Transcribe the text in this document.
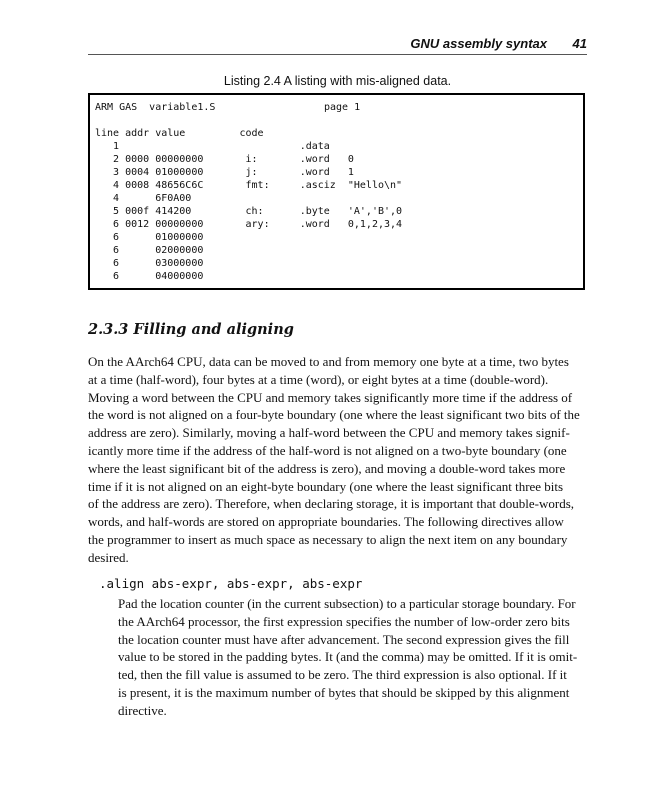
GNU assembly syntax 41
Listing 2.4 A listing with mis-aligned data.
ARM GAS  variable1.S	page 1
line addr value         code
1                              .data
2 0000 00000000       i:       .word   0
3 0004 01000000       j:       .word   1
4 0008 48656C6C       fmt:     .asciz  "Hello\n"
4      6F0A00
5 000f 414200         ch:      .byte   'A','B',0
6 0012 00000000       ary:     .word   0,1,2,3,4
6      01000000
6      02000000
6      03000000
6      04000000
2.3.3 Filling and aligning
On the AArch64 CPU, data can be moved to and from memory one byte at a time, two bytes
at a time (half-word), four bytes at a time (word), or eight bytes at a time (double-word).
Moving a word between the CPU and memory takes significantly more time if the address of
the word is not aligned on a four-byte boundary (one where the least significant two bits of the
address are zero). Similarly, moving a half-word between the CPU and memory takes signif-
icantly more time if the address of the half-word is not aligned on a two-byte boundary (one
where the least significant bit of the address is zero), and moving a double-word takes more
time if it is not aligned on an eight-byte boundary (one where the least significant three bits
of the address are zero). Therefore, when declaring storage, it is important that double-words,
words, and half-words are stored on appropriate boundaries. The following directives allow
the programmer to insert as much space as necessary to align the next item on any boundary
desired.
.align abs-expr, abs-expr, abs-expr
Pad the location counter (in the current subsection) to a particular storage boundary. For
the AArch64 processor, the first expression specifies the number of low-order zero bits
the location counter must have after advancement. The second expression gives the fill
value to be stored in the padding bytes. It (and the comma) may be omitted. If it is omit-
ted, then the fill value is assumed to be zero. The third expression is also optional. If it
is present, it is the maximum number of bytes that should be skipped by this alignment
directive.
